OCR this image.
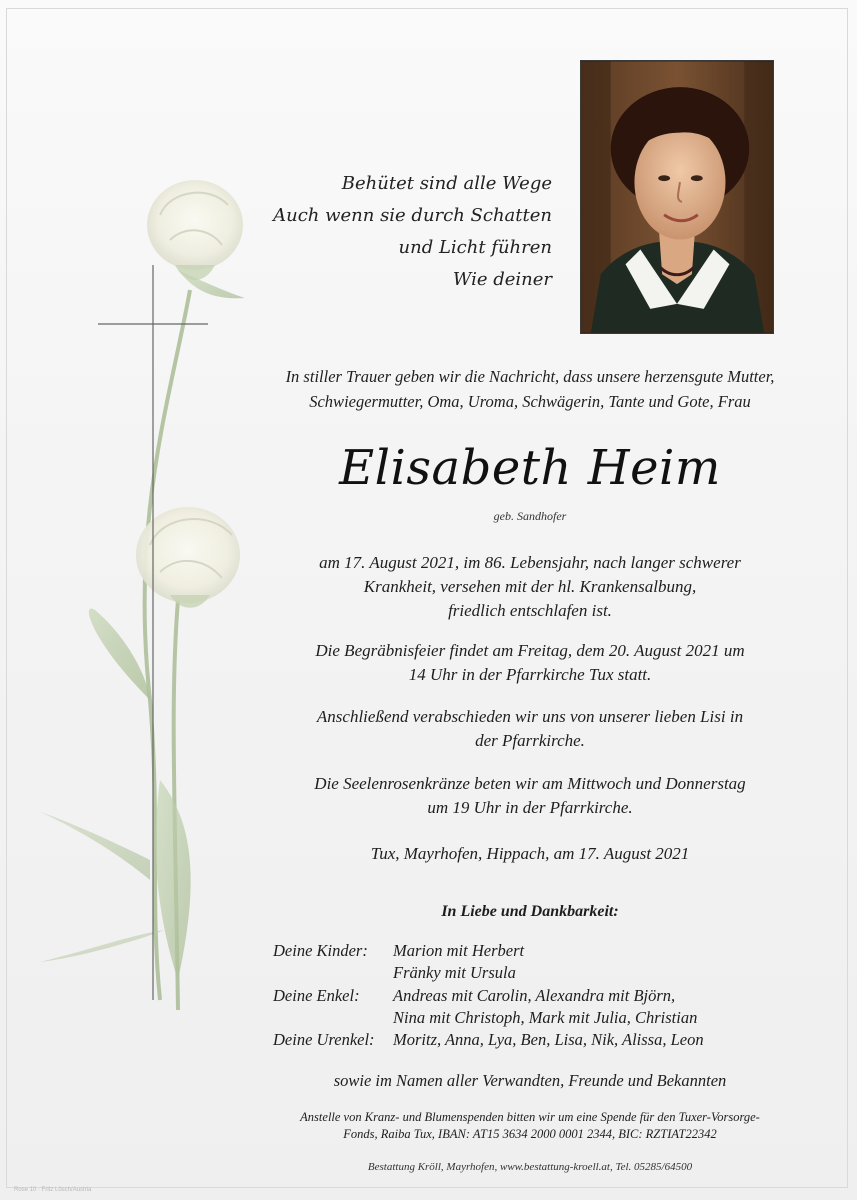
Behütet sind alle Wege
Auch wenn sie durch Schatten
und Licht führen
Wie deiner
In stiller Trauer geben wir die Nachricht, dass unsere herzensgute Mutter,
Schwiegermutter, Oma, Uroma, Schwägerin, Tante und Gote, Frau
Elisabeth Heim
geb. Sandhofer
am 17. August 2021, im 86. Lebensjahr, nach langer schwerer
Krankheit, versehen mit der hl. Krankensalbung,
friedlich entschlafen ist.
Die Begräbnisfeier findet am Freitag, dem 20. August 2021 um
14 Uhr in der Pfarrkirche Tux statt.
Anschließend verabschieden wir uns von unserer lieben Lisi in
der Pfarrkirche.
Die Seelenrosenkränze beten wir am Mittwoch und Donnerstag
um 19 Uhr in der Pfarrkirche.
Tux, Mayrhofen, Hippach, am 17. August 2021
In Liebe und Dankbarkeit:
Deine Kinder:	Marion mit Herbert
Fränky mit Ursula
Deine Enkel:	Andreas mit Carolin, Alexandra mit Björn,
Nina mit Christoph, Mark mit Julia, Christian
Deine Urenkel:	Moritz, Anna, Lya, Ben, Lisa, Nik, Alissa, Leon
sowie im Namen aller Verwandten, Freunde und Bekannten
Anstelle von Kranz- und Blumenspenden bitten wir um eine Spende für den Tuxer-Vorsorge-
Fonds, Raiba Tux, IBAN: AT15 3634 2000 0001 2344, BIC: RZTIAT22342
Bestattung Kröll, Mayrhofen, www.bestattung-kroell.at, Tel. 05285/64500
Rose 10 · Fritz Lösch/Austria
